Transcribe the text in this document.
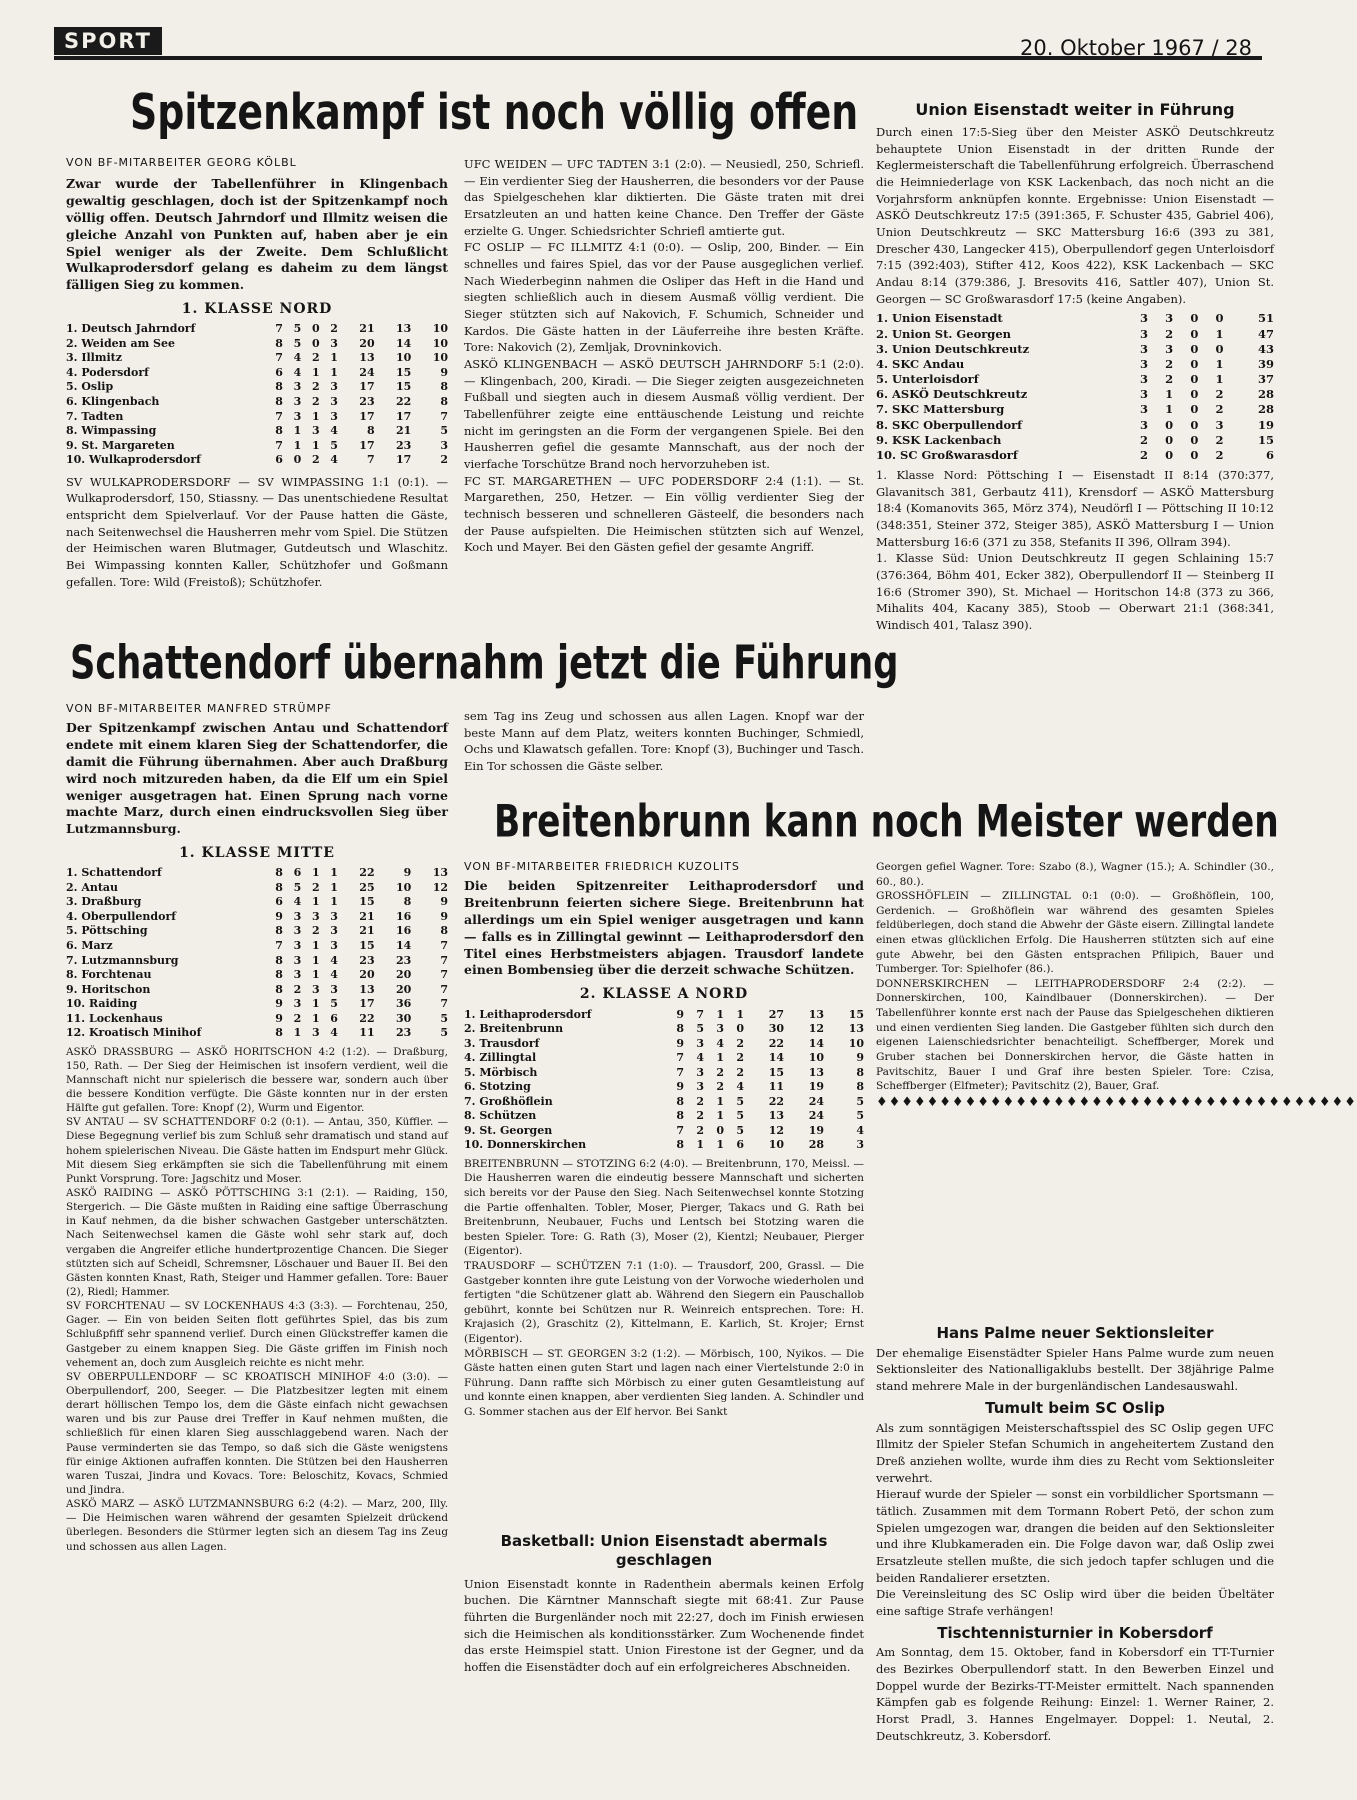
SPORT	20. Oktober 1967 / 28
Spitzenkampf ist noch völlig offen
VON BF-MITARBEITER GEORG KÖLBL

Zwar wurde der Tabellenführer in Klingenbach gewaltig geschlagen, doch ist der Spitzenkampf noch völlig offen. Deutsch Jahrndorf und Illmitz weisen die gleiche Anzahl von Punkten auf, haben aber je ein Spiel weniger als der Zweite. Dem Schlußlicht Wulkaprodersdorf gelang es daheim zu dem längst fälligen Sieg zu kommen.

1. KLASSE NORD
1. Deutsch Jahrndorf	7	5	0	2	21	13	10
2. Weiden am See	8	5	0	3	20	14	10
3. Illmitz	7	4	2	1	13	10	10
4. Podersdorf	6	4	1	1	24	15	9
5. Oslip	8	3	2	3	17	15	8
6. Klingenbach	8	3	2	3	23	22	8
7. Tadten	7	3	1	3	17	17	7
8. Wimpassing	8	1	3	4	8	21	5
9. St. Margareten	7	1	1	5	17	23	3
10. Wulkaprodersdorf	6	0	2	4	7	17	2

SV WULKAPRODERSDORF — SV WIMPASSING 1:1 (0:1). — Wulkaprodersdorf, 150, Stiassny. — Das unentschiedene Resultat entspricht dem Spielverlauf. Vor der Pause hatten die Gäste, nach Seitenwechsel die Hausherren mehr vom Spiel. Die Stützen der Heimischen waren Blutmager, Gutdeutsch und Wlaschitz. Bei Wimpassing konnten Kaller, Schützhofer und Goßmann gefallen. Tore: Wild (Freistoß); Schützhofer.

UFC WEIDEN — UFC TADTEN 3:1 (2:0). — Neusiedl, 250, Schriefl. — Ein verdienter Sieg der Hausherren, die besonders vor der Pause das Spielgeschehen klar diktierten. Die Gäste traten mit drei Ersatzleuten an und hatten keine Chance. Den Treffer der Gäste erzielte G. Unger. Schiedsrichter Schriefl amtierte gut.

FC OSLIP — FC ILLMITZ 4:1 (0:0). — Oslip, 200, Binder. — Ein schnelles und faires Spiel, das vor der Pause ausgeglichen verlief. Nach Wiederbeginn nahmen die Osliper das Heft in die Hand und siegten schließlich auch in diesem Ausmaß völlig verdient. Die Sieger stützten sich auf Nakovich, F. Schumich, Schneider und Kardos. Die Gäste hatten in der Läuferreihe ihre besten Kräfte. Tore: Nakovich (2), Zemljak, Drovninkovich.

ASKÖ KLINGENBACH — ASKÖ DEUTSCH JAHRNDORF 5:1 (2:0). — Klingenbach, 200, Kiradi. — Die Sieger zeigten ausgezeichneten Fußball und siegten auch in diesem Ausmaß völlig verdient. Der Tabellenführer zeigte eine enttäuschende Leistung und reichte nicht im geringsten an die Form der vergangenen Spiele. Bei den Hausherren gefiel die gesamte Mannschaft, aus der noch der vierfache Torschütze Brand noch hervorzuheben ist.

FC ST. MARGARETHEN — UFC PODERSDORF 2:4 (1:1). — St. Margarethen, 250, Hetzer. — Ein völlig verdienter Sieg der technisch besseren und schnelleren Gästeelf, die besonders nach der Pause aufspielten. Die Heimischen stützten sich auf Wenzel, Koch und Mayer. Bei den Gästen gefiel der gesamte Angriff.

Union Eisenstadt weiter in Führung

Durch einen 17:5-Sieg über den Meister ASKÖ Deutschkreutz behauptete Union Eisenstadt in der dritten Runde der Keglermeisterschaft die Tabellenführung erfolgreich. Überraschend die Heimniederlage von KSK Lackenbach, das noch nicht an die Vorjahrsform anknüpfen konnte. Ergebnisse: Union Eisenstadt — ASKÖ Deutschkreutz 17:5 (391:365, F. Schuster 435, Gabriel 406), Union Deutschkreutz — SKC Mattersburg 16:6 (393 zu 381, Drescher 430, Langecker 415), Oberpullendorf gegen Unterloisdorf 7:15 (392:403), Stifter 412, Koos 422), KSK Lackenbach — SKC Andau 8:14 (379:386, J. Bresovits 416, Sattler 407), Union St. Georgen — SC Großwarasdorf 17:5 (keine Angaben).

1. Union Eisenstadt	3	3	0	0	51
2. Union St. Georgen	3	2	0	1	47
3. Union Deutschkreutz	3	3	0	0	43
4. SKC Andau	3	2	0	1	39
5. Unterloisdorf	3	2	0	1	37
6. ASKÖ Deutschkreutz	3	1	0	2	28
7. SKC Mattersburg	3	1	0	2	28
8. SKC Oberpullendorf	3	0	0	3	19
9. KSK Lackenbach	2	0	0	2	15
10. SC Großwarasdorf	2	0	0	2	6

1. Klasse Nord: Pöttsching I — Eisenstadt II 8:14 (370:377, Glavanitsch 381, Gerbautz 411), Krensdorf — ASKÖ Mattersburg 18:4 (Komanovits 365, Mörz 374), Neudörfl I — Pöttsching II 10:12 (348:351, Steiner 372, Steiger 385), ASKÖ Mattersburg I — Union Mattersburg 16:6 (371 zu 358, Stefanits II 396, Ollram 394).

1. Klasse Süd: Union Deutschkreutz II gegen Schlaining 15:7 (376:364, Böhm 401, Ecker 382), Oberpullendorf II — Steinberg II 16:6 (Stromer 390), St. Michael — Horitschon 14:8 (373 zu 366, Mihalits 404, Kacany 385), Stoob — Oberwart 21:1 (368:341, Windisch 401, Talasz 390).

Schattendorf übernahm jetzt die Führung
VON BF-MITARBEITER MANFRED STRÜMPF

Der Spitzenkampf zwischen Antau und Schattendorf endete mit einem klaren Sieg der Schattendorfer, die damit die Führung übernahmen. Aber auch Draßburg wird noch mitzureden haben, da die Elf um ein Spiel weniger ausgetragen hat. Einen Sprung nach vorne machte Marz, durch einen eindrucksvollen Sieg über Lutzmannsburg.

1. KLASSE MITTE
1. Schattendorf	8	6	1	1	22	9	13
2. Antau	8	5	2	1	25	10	12
3. Draßburg	6	4	1	1	15	8	9
4. Oberpullendorf	9	3	3	3	21	16	9
5. Pöttsching	8	3	2	3	21	16	8
6. Marz	7	3	1	3	15	14	7
7. Lutzmannsburg	8	3	1	4	23	23	7
8. Forchtenau	8	3	1	4	20	20	7
9. Horitschon	8	2	3	3	13	20	7
10. Raiding	9	3	1	5	17	36	7
11. Lockenhaus	9	2	1	6	22	30	5
12. Kroatisch Minihof	8	1	3	4	11	23	5

ASKÖ DRASSBURG — ASKÖ HORITSCHON 4:2 (1:2). — Draßburg, 150, Rath. — Der Sieg der Heimischen ist insofern verdient, weil die Mannschaft nicht nur spielerisch die bessere war, sondern auch über die bessere Kondition verfügte. Die Gäste konnten nur in der ersten Hälfte gut gefallen. Tore: Knopf (2), Wurm und Eigentor.

SV ANTAU — SV SCHATTENDORF 0:2 (0:1). — Antau, 350, Küffler. — Diese Begegnung verlief bis zum Schluß sehr dramatisch und stand auf hohem spielerischen Niveau. Die Gäste hatten im Endspurt mehr Glück. Mit diesem Sieg erkämpften sie sich die Tabellenführung mit einem Punkt Vorsprung. Tore: Jagschitz und Moser.

ASKÖ RAIDING — ASKÖ PÖTTSCHING 3:1 (2:1). — Raiding, 150, Stergerich. — Die Gäste mußten in Raiding eine saftige Überraschung in Kauf nehmen, da die bisher schwachen Gastgeber unterschätzten. Nach Seitenwechsel kamen die Gäste wohl sehr stark auf, doch vergaben die Angreifer etliche hundertprozentige Chancen. Die Sieger stützten sich auf Scheidl, Schremsner, Löschauer und Bauer II. Bei den Gästen konnten Knast, Rath, Steiger und Hammer gefallen. Tore: Bauer (2), Riedl; Hammer.

SV FORCHTENAU — SV LOCKENHAUS 4:3 (3:3). — Forchtenau, 250, Gager. — Ein von beiden Seiten flott geführtes Spiel, das bis zum Schlußpfiff sehr spannend verlief. Durch einen Glückstreffer kamen die Gastgeber zu einem knappen Sieg. Die Gäste griffen im Finish noch vehement an, doch zum Ausgleich reichte es nicht mehr.

SV OBERPULLENDORF — SC KROATISCH MINIHOF 4:0 (3:0). — Oberpullendorf, 200, Seeger. — Die Platzbesitzer legten mit einem derart höllischen Tempo los, dem die Gäste einfach nicht gewachsen waren und bis zur Pause drei Treffer in Kauf nehmen mußten, die schließlich für einen klaren Sieg ausschlaggebend waren. Nach der Pause verminderten sie das Tempo, so daß sich die Gäste wenigstens für einige Aktionen aufraffen konnten. Die Stützen bei den Hausherren waren Tuszai, Jindra und Kovacs. Tore: Beloschitz, Kovacs, Schmied und Jindra.

ASKÖ MARZ — ASKÖ LUTZMANNSBURG 6:2 (4:2). — Marz, 200, Illy. — Die Heimischen waren während der gesamten Spielzeit drückend überlegen. Besonders die Stürmer legten sich an diesem Tag ins Zeug und schossen aus allen Lagen.

sem Tag ins Zeug und schossen aus allen Lagen. Knopf war der beste Mann auf dem Platz, weiters konnten Buchinger, Schmiedl, Ochs und Klawatsch gefallen. Tore: Knopf (3), Buchinger und Tasch. Ein Tor schossen die Gäste selber.

Breitenbrunn kann noch Meister werden
VON BF-MITARBEITER FRIEDRICH KUZOLITS

Die beiden Spitzenreiter Leithaprodersdorf und Breitenbrunn feierten sichere Siege. Breitenbrunn hat allerdings um ein Spiel weniger ausgetragen und kann — falls es in Zillingtal gewinnt — Leithaprodersdorf den Titel eines Herbstmeisters abjagen. Trausdorf landete einen Bombensieg über die derzeit schwache Schützen.

2. KLASSE A NORD
1. Leithaprodersdorf	9	7	1	1	27	13	15
2. Breitenbrunn	8	5	3	0	30	12	13
3. Trausdorf	9	3	4	2	22	14	10
4. Zillingtal	7	4	1	2	14	10	9
5. Mörbisch	7	3	2	2	15	13	8
6. Stotzing	9	3	2	4	11	19	8
7. Großhöflein	8	2	1	5	22	24	5
8. Schützen	8	2	1	5	13	24	5
9. St. Georgen	7	2	0	5	12	19	4
10. Donnerskirchen	8	1	1	6	10	28	3

BREITENBRUNN — STOTZING 6:2 (4:0). — Breitenbrunn, 170, Meissl. — Die Hausherren waren die eindeutig bessere Mannschaft und sicherten sich bereits vor der Pause den Sieg. Nach Seitenwechsel konnte Stotzing die Partie offenhalten. Tobler, Moser, Pierger, Takacs und G. Rath bei Breitenbrunn, Neubauer, Fuchs und Lentsch bei Stotzing waren die besten Spieler. Tore: G. Rath (3), Moser (2), Kientzl; Neubauer, Pierger (Eigentor).

TRAUSDORF — SCHÜTZEN 7:1 (1:0). — Trausdorf, 200, Grassl. — Die Gastgeber konnten ihre gute Leistung von der Vorwoche wiederholen und fertigten "die Schützener glatt ab. Während den Siegern ein Pauschallob gebührt, konnte bei Schützen nur R. Weinreich entsprechen. Tore: H. Krajasich (2), Graschitz (2), Kittelmann, E. Karlich, St. Krojer; Ernst (Eigentor).

MÖRBISCH — ST. GEORGEN 3:2 (1:2). — Mörbisch, 100, Nyikos. — Die Gäste hatten einen guten Start und lagen nach einer Viertelstunde 2:0 in Führung. Dann raffte sich Mörbisch zu einer guten Gesamtleistung auf und konnte einen knappen, aber verdienten Sieg landen. A. Schindler und G. Sommer stachen aus der Elf hervor. Bei Sankt

Georgen gefiel Wagner. Tore: Szabo (8.), Wagner (15.); A. Schindler (30., 60., 80.).

GROSSHÖFLEIN — ZILLINGTAL 0:1 (0:0). — Großhöflein, 100, Gerdenich. — Großhöflein war während des gesamten Spieles feldüberlegen, doch stand die Abwehr der Gäste eisern. Zillingtal landete einen etwas glücklichen Erfolg. Die Hausherren stützten sich auf eine gute Abwehr, bei den Gästen entsprachen Pfilipich, Bauer und Tumberger. Tor: Spielhofer (86.).

DONNERSKIRCHEN — LEITHAPRODERSDORF 2:4 (2:2). — Donnerskirchen, 100, Kaindlbauer (Donnerskirchen). — Der Tabellenführer konnte erst nach der Pause das Spielgeschehen diktieren und einen verdienten Sieg landen. Die Gastgeber fühlten sich durch den eigenen Laienschiedsrichter benachteiligt. Scheffberger, Morek und Gruber stachen bei Donnerskirchen hervor, die Gäste hatten in Pavitschitz, Bauer I und Graf ihre besten Spieler. Tore: Czisa, Scheffberger (Elfmeter); Pavitschitz (2), Bauer, Graf.

♦♦♦♦♦♦♦♦♦♦♦♦♦♦♦♦♦♦♦♦♦♦♦♦♦♦♦♦♦♦♦♦♦♦♦♦♦♦
Basketball: Union Eisenstadt abermals geschlagen

Union Eisenstadt konnte in Radenthein abermals keinen Erfolg buchen. Die Kärntner Mannschaft siegte mit 68:41. Zur Pause führten die Burgenländer noch mit 22:27, doch im Finish erwiesen sich die Heimischen als konditionsstärker. Zum Wochenende findet das erste Heimspiel statt. Union Firestone ist der Gegner, und da hoffen die Eisenstädter doch auf ein erfolgreicheres Abschneiden.

Hans Palme neuer Sektionsleiter

Der ehemalige Eisenstädter Spieler Hans Palme wurde zum neuen Sektionsleiter des Nationalligaklubs bestellt. Der 38jährige Palme stand mehrere Male in der burgenländischen Landesauswahl.

Tumult beim SC Oslip

Als zum sonntägigen Meisterschaftsspiel des SC Oslip gegen UFC Illmitz der Spieler Stefan Schumich in angeheitertem Zustand den Dreß anziehen wollte, wurde ihm dies zu Recht vom Sektionsleiter verwehrt.

Hierauf wurde der Spieler — sonst ein vorbildlicher Sportsmann — tätlich. Zusammen mit dem Tormann Robert Petö, der schon zum Spielen umgezogen war, drangen die beiden auf den Sektionsleiter und ihre Klubkameraden ein. Die Folge davon war, daß Oslip zwei Ersatzleute stellen mußte, die sich jedoch tapfer schlugen und die beiden Randalierer ersetzten.

Die Vereinsleitung des SC Oslip wird über die beiden Übeltäter eine saftige Strafe verhängen!

Tischtennisturnier in Kobersdorf

Am Sonntag, dem 15. Oktober, fand in Kobersdorf ein TT-Turnier des Bezirkes Oberpullendorf statt. In den Bewerben Einzel und Doppel wurde der Bezirks-TT-Meister ermittelt. Nach spannenden Kämpfen gab es folgende Reihung: Einzel: 1. Werner Rainer, 2. Horst Pradl, 3. Hannes Engelmayer. Doppel: 1. Neutal, 2. Deutschkreutz, 3. Kobersdorf.
